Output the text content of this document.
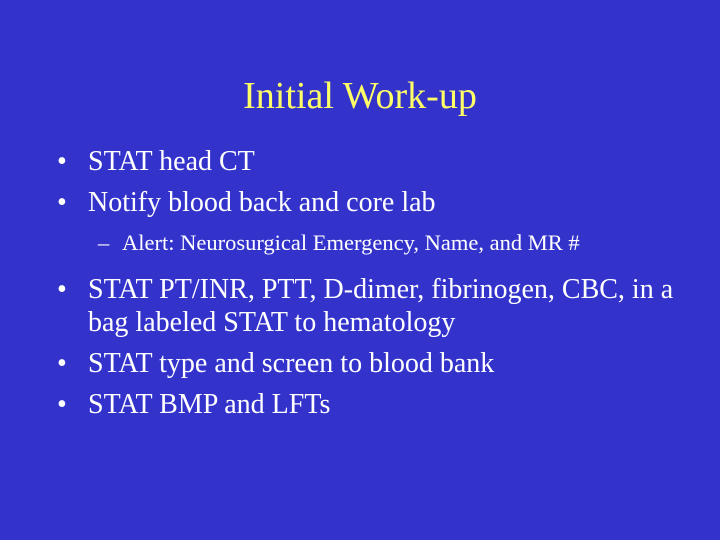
Initial Work-up
• STAT head CT
• Notify blood back and core lab
– Alert: Neurosurgical Emergency, Name, and MR #
• STAT PT/INR, PTT, D-dimer, fibrinogen, CBC, in a bag labeled STAT to hematology
• STAT type and screen to blood bank
• STAT BMP and LFTs
